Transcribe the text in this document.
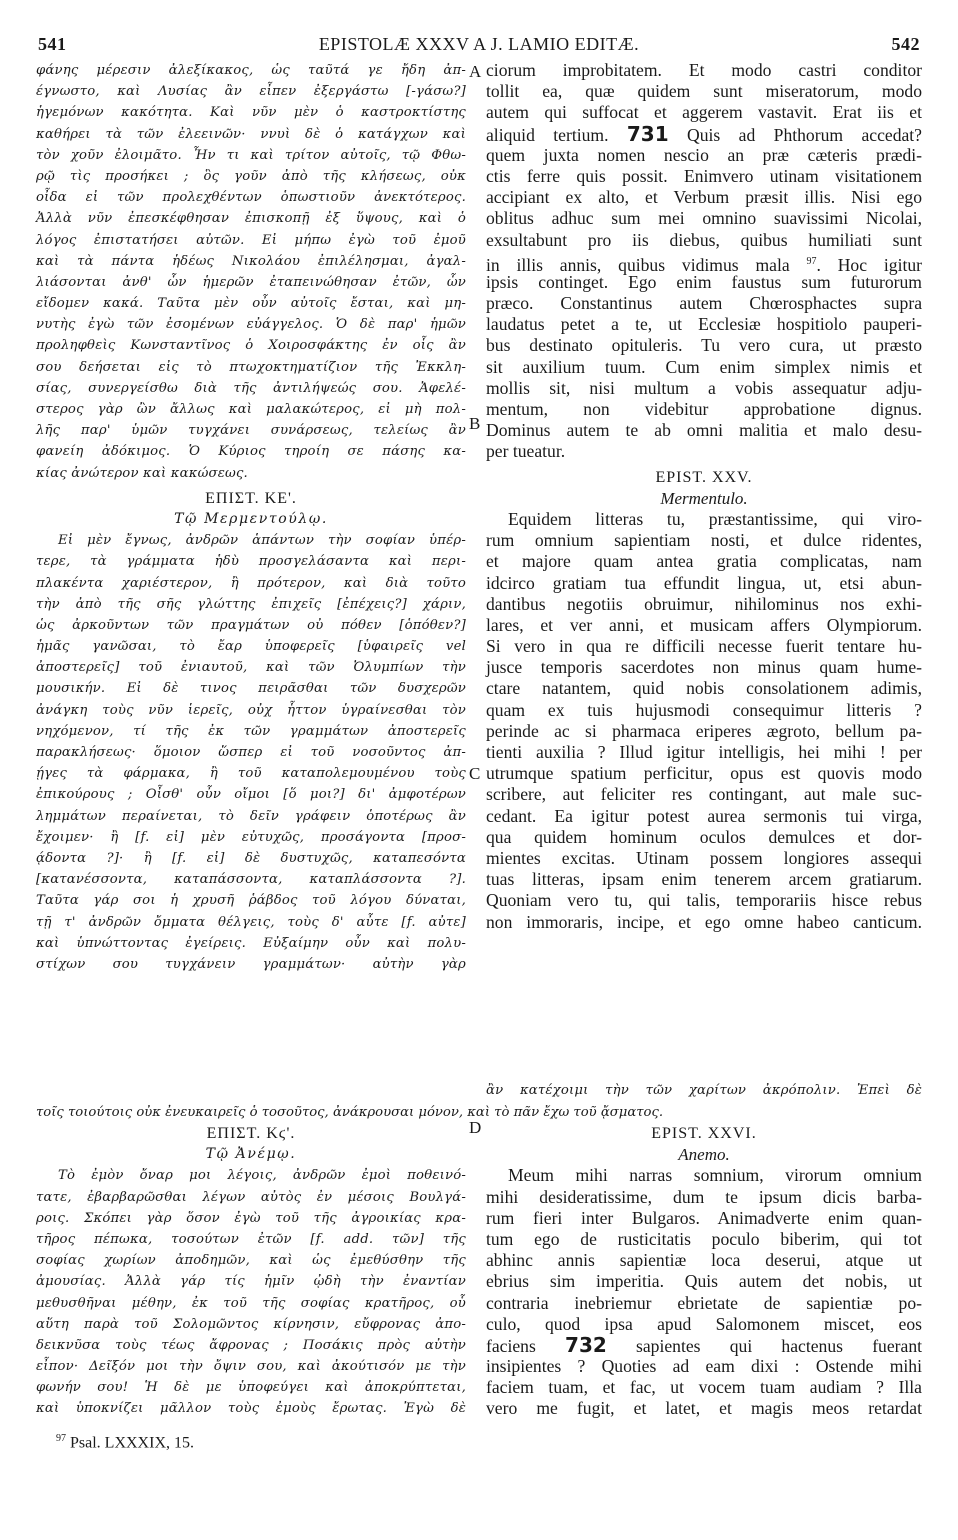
541	EPISTOLÆ XXXV A J. LAMIO EDITÆ.	542
A
B
C
D
φάνης μέρεσιν ἀλεξίκακος, ὡς ταῦτά γε ἤδη ἀπ-
έγνωστο, καὶ Λυσίας ἂν εἶπεν ἐξεργάστω [-γάσω?]
ἡγεμόνων κακότητα. Καὶ νῦν μὲν ὁ καστροκτίστης
καθήρει τὰ τῶν ἐλεεινῶν· ννυὶ δὲ ὁ κατάγχων καὶ
τὸν χοῦν ἐλοιμᾶτο. Ἦν τι καὶ τρίτον αὐτοῖς, τῷ Φθω-
ρῷ τὶς προσήκει ; ὃς γοῦν ἀπὸ τῆς κλήσεως, οὐκ
οἶδα εἰ τῶν προλεχθέντων ὁπωστιοῦν ἀνεκτότερος.
Ἀλλὰ νῦν ἐπεσκέφθησαν ἐπισκοπῇ ἐξ ὕψους, καὶ ὁ
λόγος ἐπιστατήσει αὐτῶν. Εἰ μήπω ἐγὼ τοῦ ἐμοῦ
καὶ τὰ πάντα ἡδέως Νικολάου ἐπιλέλησμαι, ἀγαλ-
λιάσονται ἀνθ' ὧν ἡμερῶν ἐταπεινώθησαν ἐτῶν, ὧν
εἴδομεν κακά. Ταῦτα μὲν οὖν αὐτοῖς ἔσται, καὶ μη-
νυτὴς ἐγὼ τῶν ἐσομένων εὐάγγελος. Ὁ δὲ παρ' ἡμῶν
προληφθεὶς Κωνσταντῖνος ὁ Χοιροσφάκτης ἐν οἷς ἂν
σου δεήσεται εἰς τὸ πτωχοκτηματίζιον τῆς Ἐκκλη-
σίας, συνεργείσθω διὰ τῆς ἀντιλήψεώς σου. Ἀφελέ-
στερος γὰρ ὢν ἄλλως καὶ μαλακώτερος, εἰ μὴ πολ-
λῆς παρ' ὑμῶν τυγχάνει συνάρσεως, τελείως ἂν
φανείη ἀδόκιμος. Ὁ Κύριος τηροίη σε πάσης κα-
κίας ἀνώτερον καὶ κακώσεως.
ΕΠΙΣΤ. ΚΕ'.
Τῷ Μερμεντούλῳ.
Εἰ μὲν ἔγνως, ἀνδρῶν ἁπάντων τὴν σοφίαν ὑπέρ-
τερε, τὰ γράμματα ἡδὺ προσγελάσαντα καὶ περι-
πλακέντα χαριέστερον, ἢ πρότερον, καὶ διὰ τοῦτο
τὴν ἀπὸ τῆς σῆς γλώττης ἐπιχεῖς [ἐπέχεις?] χάριν,
ὡς ἀρκοῦντων τῶν πραγμάτων οὐ πόθεν [ὁπόθεν?]
ἡμᾶς γανῶσαι, τὸ ἔαρ ὑποφερεῖς [ὑφαιρεῖς vel
ἀποστερεῖς] τοῦ ἐνιαυτοῦ, καὶ τῶν Ὀλυμπίων τὴν
μουσικήν. Εἰ δὲ τινος πειρᾶσθαι τῶν δυσχερῶν
ἀνάγκη τοὺς νῦν ἱερεῖς, οὐχ ἧττον ὑγραίνεσθαι τὸν
νηχόμενον, τί τῆς ἐκ τῶν γραμμάτων ἀποστερεῖς
παρακλήσεως· ὅμοιον ὥσπερ εἰ τοῦ νοσοῦντος ἀπ-
ῄγες τὰ φάρμακα, ἢ τοῦ καταπολεμουμένου τοὺς
ἐπικούρους ; Οἶσθ' οὖν οἴμοι [ὅ μοι?] δι' ἀμφοτέρων
λημμάτων περαίνεται, τὸ δεῖν γράφειν ὁποτέρως ἂν
ἔχοιμεν· ἢ [f. εἰ] μὲν εὐτυχῶς, προσάγοντα [προσ-
ᾴδοντα ?]· ἢ [f. εἰ] δὲ δυστυχῶς, καταπεσόντα
[κατανέσσοντα, καταπάσσοντα, καταπλάσσοντα ?].
Ταῦτα γάρ σοι ἡ χρυσῆ ῥάβδος τοῦ λόγου δύναται,
τῇ τ' ἀνδρῶν ὄμματα θέλγεις, τοὺς δ' αὖτε [f. αὐτε]
καὶ ὑπνώττοντας ἐγείρεις. Εὐξαίμην οὖν καὶ πολυ-
στίχων σου τυγχάνειν γραμμάτων· αὐτὴν γὰρ
ciorum improbitatem. Et modo castri conditor
tollit ea, quæ quidem sunt miseratorum, modo
autem qui suffocat et aggerem vastavit. Erat iis et
aliquid tertium. 731 Quis ad Phthorum accedat?
quem juxta nomen nescio an præ cæteris prædi-
ctis ferre quis possit. Enimvero utinam visitationem
accipiant ex alto, et Verbum præsit illis. Nisi ego
oblitus adhuc sum mei omnino suavissimi Nicolai,
exsultabunt pro iis diebus, quibus humiliati sunt
in illis annis, quibus vidimus mala $^{97}$. Hoc igitur
ipsis continget. Ego enim faustus sum futurorum
præco. Constantinus autem Chœrosphactes supra
laudatus petet a te, ut Ecclesiæ hospitiolo pauperi-
bus destinato opituleris. Tu vero cura, ut præsto
sit auxilium tuum. Cum enim simplex nimis et
mollis sit, nisi multum a vobis assequatur adju-
mentum, non videbitur approbatione dignus.
Dominus autem te ab omni malitia et malo desu-
per tueatur.
EPIST. XXV.
Mermentulo.
Equidem litteras tu, præstantissime, qui viro-
rum omnium sapientiam nosti, et dulce ridentes,
et majore quam antea gratia complicatas, nam
idcirco gratiam tua effundit lingua, ut, etsi abun-
dantibus negotiis obruimur, nihilominus nos exhi-
lares, et ver anni, et musicam affers Olympiorum.
Si vero in qua re difficili necesse fuerit tentare hu-
jusce temporis sacerdotes non minus quam hume-
ctare natantem, quid nobis consolationem adimis,
quam ex tuis hujusmodi consequimur litteris ?
perinde ac si pharmaca eriperes ægroto, bellum pa-
tienti auxilia ? Illud igitur intelligis, hei mihi ! per
utrumque spatium perficitur, opus est quovis modo
scribere, aut feliciter res contingant, aut male suc-
cedant. Ea igitur potest aurea sermonis tui virga,
qua quidem hominum oculos demulces et dor-
mientes excitas. Utinam possem longiores assequi
tuas litteras, ipsam enim tenerem arcem gratiarum.
Quoniam vero tu, qui talis, temporariis hisce rebus
non immoraris, incipe, et ego omne habeo canticum.
ἂν κατέχοιμι τὴν τῶν χαρίτων ἀκρόπολιν. Ἐπεὶ δὲ
τοῖς τοιούτοις οὐκ ἐνευκαιρεῖς ὁ τοσοῦτος, ἀνάκρουσαι μόνον, καὶ τὸ πᾶν ἔχω τοῦ ᾄσματος.
ΕΠΙΣΤ. Κϛ'.
Τῷ Ἀνέμῳ.
Τὸ ἐμὸν ὄναρ μοι λέγοις, ἀνδρῶν ἐμοὶ ποθεινό-
τατε, ἐβαρβαρῶσθαι λέγων αὐτὸς ἐν μέσοις Βουλγά-
ροις. Σκόπει γὰρ ὅσον ἐγὼ τοῦ τῆς ἀγροικίας κρα-
τῆρος πέπωκα, τοσούτων ἐτῶν [f. add. τῶν] τῆς
σοφίας χωρίων ἀποδημῶν, καὶ ὡς ἐμεθύσθην τῆς
ἀμουσίας. Ἀλλὰ γάρ τίς ἡμῖν ᾠδὴ τὴν ἐναντίαν
μεθυσθῆναι μέθην, ἐκ τοῦ τῆς σοφίας κρατῆρος, οὗ
αὕτη παρὰ τοῦ Σολομῶντος κίρνησιν, εὔφρονας ἀπο-
δεικνῦσα τοὺς τέως ἄφρονας ; Ποσάκις πρὸς αὐτὴν
εἶπον· Δεῖξόν μοι τὴν ὄψιν σου, καὶ ἀκούτισόν με τὴν
φωνήν σου! Ἡ δὲ με ὑποφεύγει καὶ ἀποκρύπτεται,
καὶ ὑποκνίζει μᾶλλον τοὺς ἐμοὺς ἔρωτας. Ἐγὼ δὲ
EPIST. XXVI.
Anemo.
Meum mihi narras somnium, virorum omnium
mihi desideratissime, dum te ipsum dicis barba-
rum fieri inter Bulgaros. Animadverte enim quan-
tum ego de rusticitatis poculo biberim, qui tot
abhinc annis sapientiæ loca deserui, atque ut
ebrius sim imperitia. Quis autem det nobis, ut
contraria inebriemur ebrietate de sapientiæ po-
culo, quod ipsa apud Salomonem miscet, eos
faciens 732 sapientes qui hactenus fuerant
insipientes ? Quoties ad eam dixi : Ostende mihi
faciem tuam, et fac, ut vocem tuam audiam ? Illa
vero me fugit, et latet, et magis meos retardat
$^{97}$ Psal. LXXXIX, 15.
